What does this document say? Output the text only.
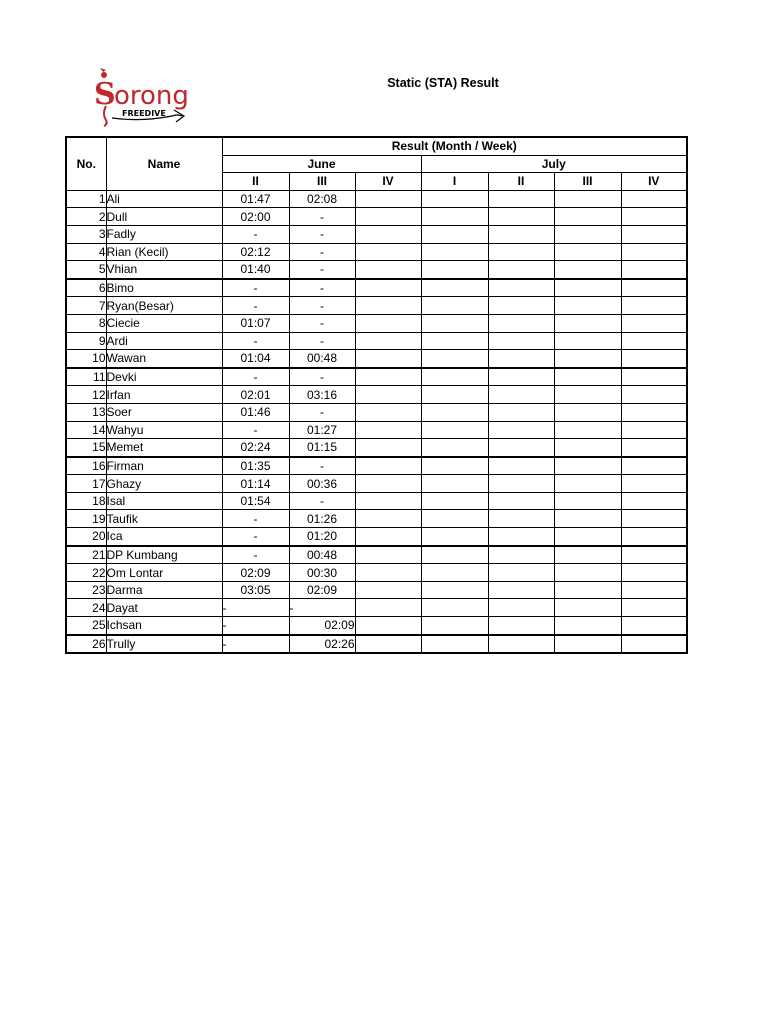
S
orong
FREEDIVE
Static (STA) Result
No.	Name	Result (Month / Week)						
		June			July			
		II	III	IV	I	II	III	IV
1	Ali	01:47	02:08					
2	Dull	02:00	-					
3	Fadly	-	-					
4	Rian (Kecil)	02:12	-					
5	Vhian	01:40	-					
6	Bimo	-	-					
7	Ryan(Besar)	-	-					
8	Ciecie	01:07	-					
9	Ardi	-	-					
10	Wawan	01:04	00:48					
11	Devki	-	-					
12	Irfan	02:01	03:16					
13	Soer	01:46	-					
14	Wahyu	-	01:27					
15	Memet	02:24	01:15					
16	Firman	01:35	-					
17	Ghazy	01:14	00:36					
18	Isal	01:54	-					
19	Taufik	-	01:26					
20	Ica	-	01:20					
21	DP Kumbang	-	00:48					
22	Om Lontar	02:09	00:30					
23	Darma	03:05	02:09					
24	Dayat	-	-					
25	Ichsan	-	02:09					
26	Trully	-	02:26					
